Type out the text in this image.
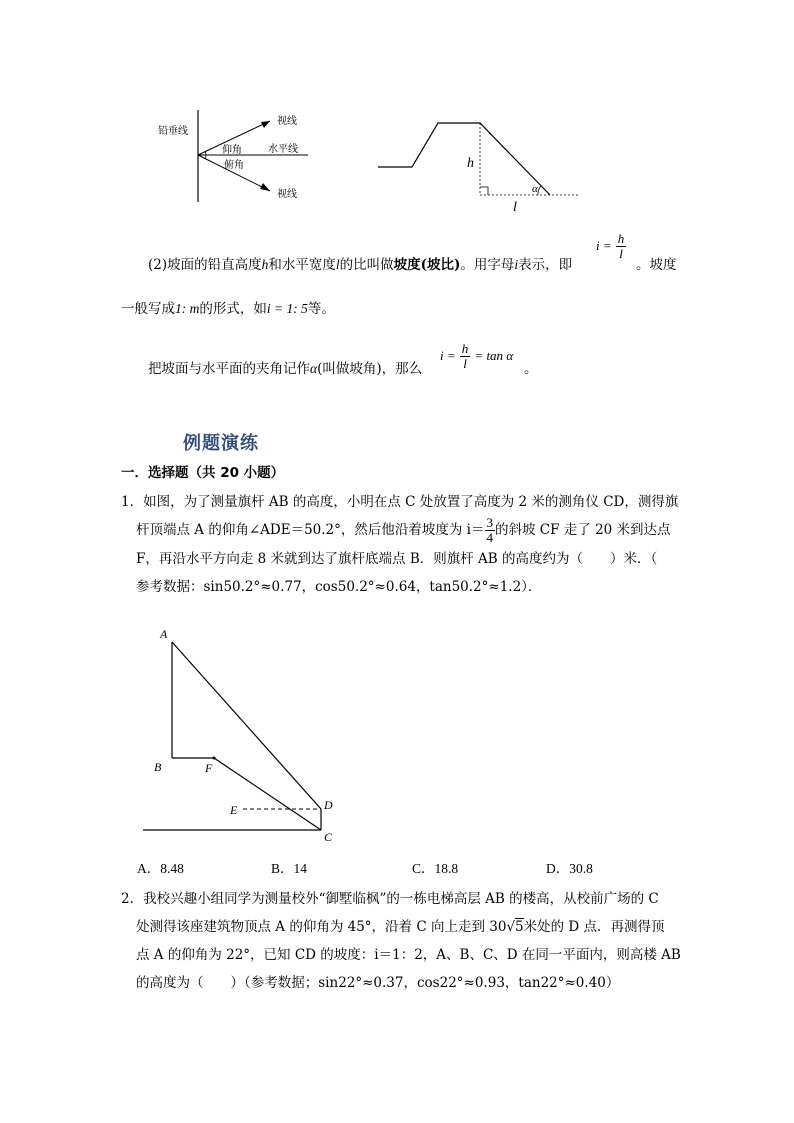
铅垂线
视线
仰角	水平线
俯角
视线
h
l
α
(2)坡面的铅直高度h和水平宽度l的比叫做坡度(坡比)。用字母i表示，即
$i = \frac{h}{l}$
。坡度
一般写成1: m的形式，如i = 1: 5等。
把坡面与水平面的夹角记作α(叫做坡角)，那么
$i = \frac{h}{l} = \tan \alpha$
。
例题演练
一．选择题（共 20 小题）
1．如图，为了测量旗杆 AB 的高度，小明在点 C 处放置了高度为 2 米的测角仪 CD，测得旗
杆顶端点 A 的仰角∠ADE＝50.2°，然后他沿着坡度为 $i= \frac{3}{4}$ 的斜坡 CF 走了 20 米到达点
F，再沿水平方向走 8 米就到达了旗杆底端点 B．则旗杆 AB 的高度约为（　　）米．（
参考数据：sin50.2°≈0.77，cos50.2°≈0.64，tan50.2°≈1.2）．
A
B	F
E	D
C
A．8.48	B．14	C．18.8	D．30.8
2．我校兴趣小组同学为测量校外“御墅临枫”的一栋电梯高层 AB 的楼高，从校前广场的 C
处测得该座建筑物顶点 A 的仰角为 45°，沿着 C 向上走到 30√5米处的 D 点．再测得顶
点 A 的仰角为 22°，已知 CD 的坡度：i＝1：2，A、B、C、D 在同一平面内，则高楼 AB
的高度为（　　）（参考数据；sin22°≈0.37，cos22°≈0.93，tan22°≈0.40）
